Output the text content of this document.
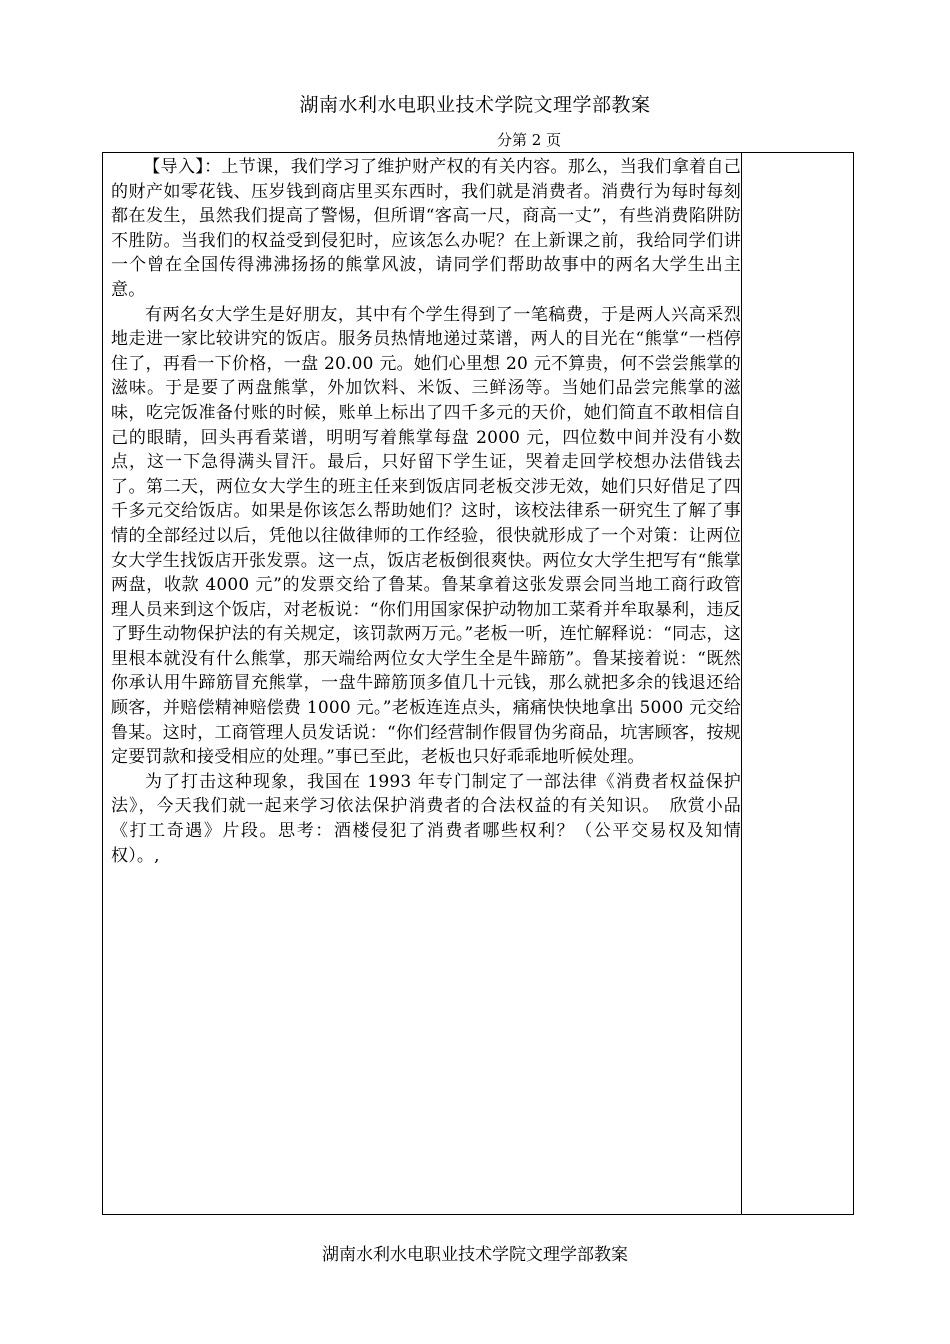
湖南水利水电职业技术学院文理学部教案
分第 2 页

【导入】：上节课，我们学习了维护财产权的有关内容。那么，当我们拿着自己的财产如零花钱、压岁钱到商店里买东西时，我们就是消费者。消费行为每时每刻都在发生，虽然我们提高了警惕，但所谓“客高一尺，商高一丈”，有些消费陷阱防不胜防。当我们的权益受到侵犯时，应该怎么办呢？在上新课之前，我给同学们讲一个曾在全国传得沸沸扬扬的熊掌风波，请同学们帮助故事中的两名大学生出主意。

有两名女大学生是好朋友，其中有个学生得到了一笔稿费，于是两人兴高采烈地走进一家比较讲究的饭店。服务员热情地递过菜谱，两人的目光在“熊掌“一档停住了，再看一下价格，一盘 20.00 元。她们心里想 20 元不算贵，何不尝尝熊掌的滋味。于是要了两盘熊掌，外加饮料、米饭、三鲜汤等。当她们品尝完熊掌的滋味，吃完饭准备付账的时候，账单上标出了四千多元的天价，她们简直不敢相信自己的眼睛，回头再看菜谱，明明写着熊掌每盘 2000 元，四位数中间并没有小数点，这一下急得满头冒汗。最后，只好留下学生证，哭着走回学校想办法借钱去了。第二天，两位女大学生的班主任来到饭店同老板交涉无效，她们只好借足了四千多元交给饭店。如果是你该怎么帮助她们？这时，该校法律系一研究生了解了事情的全部经过以后，凭他以往做律师的工作经验，很快就形成了一个对策：让两位女大学生找饭店开张发票。这一点，饭店老板倒很爽快。两位女大学生把写有“熊掌两盘，收款 4000 元”的发票交给了鲁某。鲁某拿着这张发票会同当地工商行政管理人员来到这个饭店，对老板说：“你们用国家保护动物加工菜肴并牟取暴利，违反了野生动物保护法的有关规定，该罚款两万元。”老板一听，连忙解释说：“同志，这里根本就没有什么熊掌，那天端给两位女大学生全是牛蹄筋”。鲁某接着说：“既然你承认用牛蹄筋冒充熊掌，一盘牛蹄筋顶多值几十元钱，那么就把多余的钱退还给顾客，并赔偿精神赔偿费 1000 元。”老板连连点头，痛痛快快地拿出 5000 元交给鲁某。这时，工商管理人员发话说：“你们经营制作假冒伪劣商品，坑害顾客，按规定要罚款和接受相应的处理。”事已至此，老板也只好乖乖地听候处理。

为了打击这种现象，我国在 1993 年专门制定了一部法律《消费者权益保护法》，今天我们就一起来学习依法保护消费者的合法权益的有关知识。　欣赏小品《打工奇遇》片段。思考：酒楼侵犯了消费者哪些权利？（公平交易权及知情权）。,

湖南水利水电职业技术学院文理学部教案
